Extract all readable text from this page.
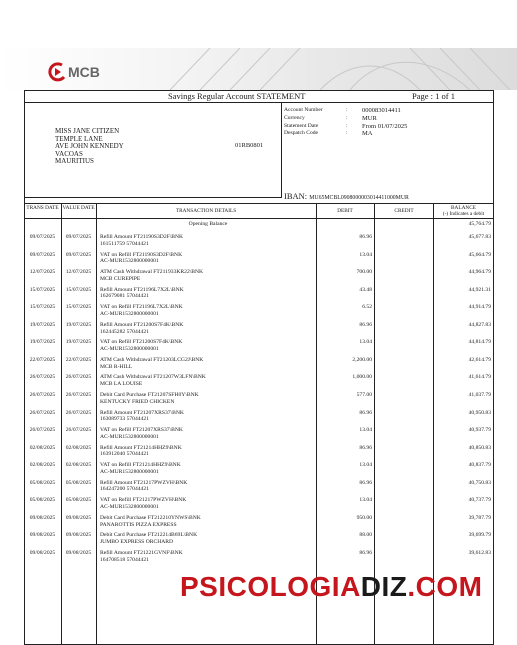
MCB
Savings Regular Account STATEMENT	Page : 1 of 1
MISS JANE CITIZEN
TEMPLE LANE
AVE JOHN KENNEDY
VACOAS
MAURITIUS
01RB0801
Account Number	:	000083014411
Currency	:	MUR
Statement Date	:	From 01/07/2025
Despatch Code	:	MA
IBAN: MU65MCBL0908000003014411000MUR
TRANS DATE VALUE DATE	TRANSACTION DETAILS	DEBIT	CREDIT	BALANCE
(-) Indicates a debit
Opening Balance	45,764.79
09/07/2025	09/07/2025	Refill Amount FT21190S3D2F\BNK
161511759 57044421
86.96	45,677.83
09/07/2025	09/07/2025	VAT on Refill FT21190S3D2F\BNK
AC-MUR1532800000001
13.04	45,664.79
12/07/2025	12/07/2025	ATM Cash Withdrawal FT211933KR22\BNK
MCB CUREPIPE
700.00	44,964.79
15/07/2025	15/07/2025	Refill Amount FT21196L7X2L\BNK
162679081 57044421
43.48	44,921.31
15/07/2025	15/07/2025	VAT on Refill FT21196L7X2L\BNK
AC-MUR1532800000001
6.52	44,914.79
19/07/2025	19/07/2025	Refill Amount FT21200S7F4K\BNK
162445282 57044421
86.96	44,827.83
19/07/2025	19/07/2025	VAT on Refill FT21200S7F4K\BNK
AC-MUR1532800000001
13.04	44,814.79
22/07/2025	22/07/2025	ATM Cash Withdrawal FT21203LCG2J\BNK
MCB R-HILL
2,200.00	42,614.79
26/07/2025	26/07/2025	ATM Cash Withdrawal FT21207W3LFN\BNK
MCB LA LOUISE
1,000.00	41,614.79
26/07/2025	26/07/2025	Debit Card Purchase FT21207SFH0Y\BNK
KENTUCKY FRIED CHICKEN
577.00	41,037.79
26/07/2025	26/07/2025	Refill Amount FT21207XRS37\BNK
163089733 57044421
86.96	40,950.83
26/07/2025	26/07/2025	VAT on Refill FT21207XRS37\BNK
AC-MUR1532800000001
13.04	40,937.79
02/08/2025	02/08/2025	Refill Amount FT21214HHZ9\BNK
163912040 57044421
86.96	40,850.83
02/08/2025	02/08/2025	VAT on Refill FT21214HHZ9\BNK
AC-MUR1532800000001
13.04	40,837.79
05/08/2025	05/08/2025	Refill Amount FT21217PWZVH\BNK
164247200 57044421
86.96	40,750.83
05/08/2025	05/08/2025	VAT on Refill FT21217PWZVH\BNK
AC-MUR1532800000001
13.04	40,737.79
09/08/2025	09/08/2025	Debit Card Purchase FT212210YNWS\BNK
PANAROTTIS PIZZA EXPRESS
950.00	39,787.79
09/08/2025	09/08/2025	Debit Card Purchase FT212214B69L\BNK
JUMBO EXPRESS ORCHARD
88.00	39,699.79
09/08/2025	09/08/2025	Refill Amount FT21221GVNF\BNK
164708518 57044421
86.96	39,612.83
PSICOLOGIADIZ.COM
